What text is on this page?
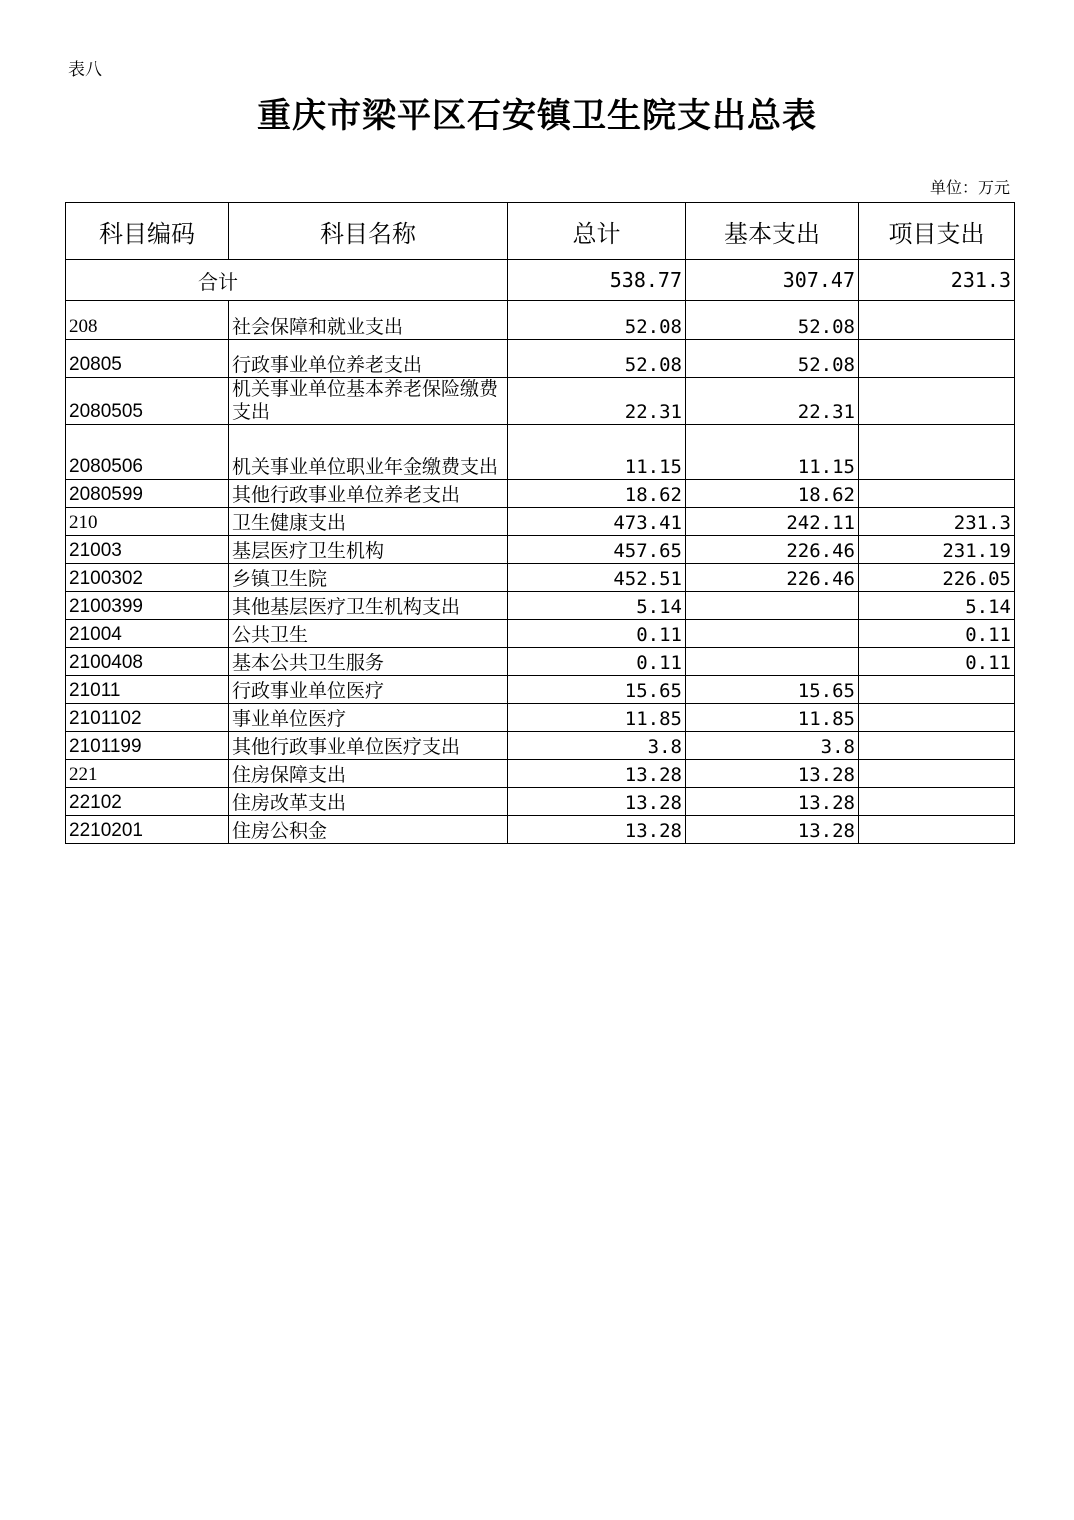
表八
重庆市梁平区石安镇卫生院支出总表
单位：万元
科目编码	科目名称	总计	基本支出	项目支出
合计		538.77	307.47	231.3
208	社会保障和就业支出	52.08	52.08	
20805	行政事业单位养老支出	52.08	52.08	
2080505	机关事业单位基本养老保险缴费支出	22.31	22.31	
2080506	机关事业单位职业年金缴费支出	11.15	11.15	
2080599	其他行政事业单位养老支出	18.62	18.62	
210	卫生健康支出	473.41	242.11	231.3
21003	基层医疗卫生机构	457.65	226.46	231.19
2100302	乡镇卫生院	452.51	226.46	226.05
2100399	其他基层医疗卫生机构支出	5.14		5.14
21004	公共卫生	0.11		0.11
2100408	基本公共卫生服务	0.11		0.11
21011	行政事业单位医疗	15.65	15.65	
2101102	事业单位医疗	11.85	11.85	
2101199	其他行政事业单位医疗支出	3.8	3.8	
221	住房保障支出	13.28	13.28	
22102	住房改革支出	13.28	13.28	
2210201	住房公积金	13.28	13.28	
